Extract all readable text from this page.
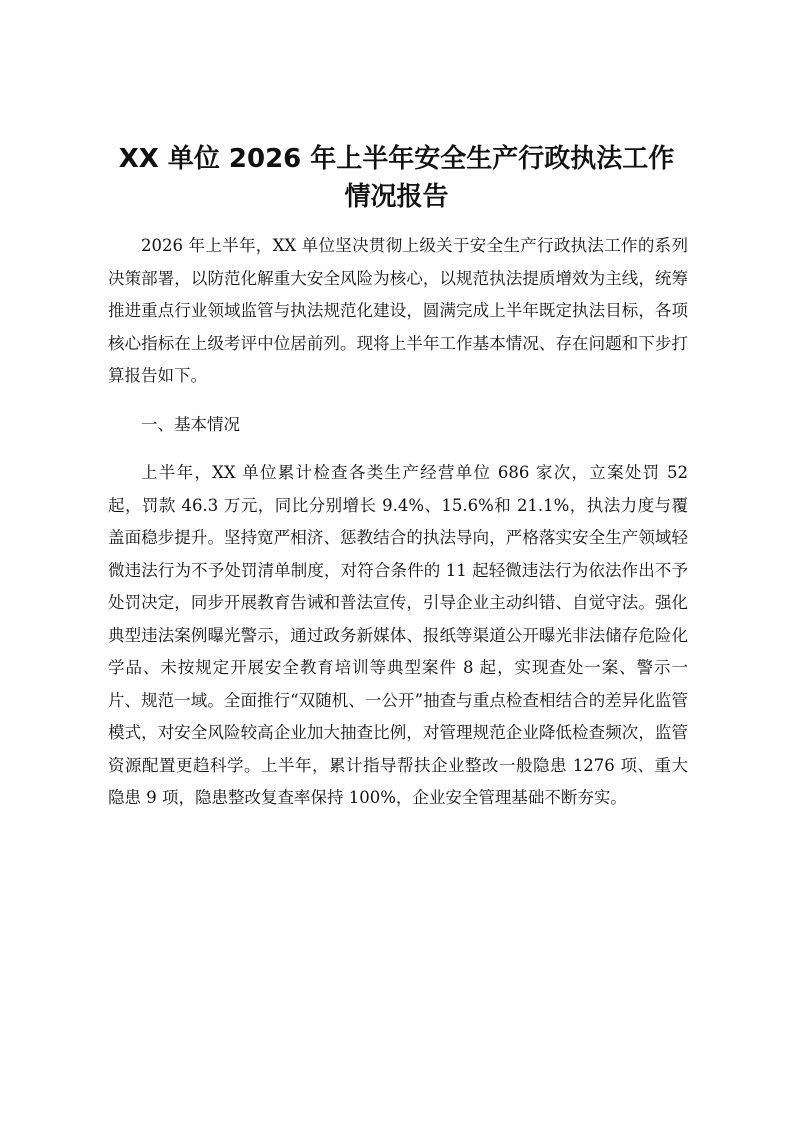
XX 单位 2026 年上半年安全生产行政执法工作
情况报告

2026 年上半年，XX 单位坚决贯彻上级关于安全生产行政执法工作的系列决策部署，以防范化解重大安全风险为核心，以规范执法提质增效为主线，统筹推进重点行业领域监管与执法规范化建设，圆满完成上半年既定执法目标，各项核心指标在上级考评中位居前列。现将上半年工作基本情况、存在问题和下步打算报告如下。

一、基本情况

上半年，XX 单位累计检查各类生产经营单位 686 家次，立案处罚 52 起，罚款 46.3 万元，同比分别增长 9.4%、15.6%和 21.1%，执法力度与覆盖面稳步提升。坚持宽严相济、惩教结合的执法导向，严格落实安全生产领域轻微违法行为不予处罚清单制度，对符合条件的 11 起轻微违法行为依法作出不予处罚决定，同步开展教育告诫和普法宣传，引导企业主动纠错、自觉守法。强化典型违法案例曝光警示，通过政务新媒体、报纸等渠道公开曝光非法储存危险化学品、未按规定开展安全教育培训等典型案件 8 起，实现查处一案、警示一片、规范一域。全面推行“双随机、一公开”抽查与重点检查相结合的差异化监管模式，对安全风险较高企业加大抽查比例，对管理规范企业降低检查频次，监管资源配置更趋科学。上半年，累计指导帮扶企业整改一般隐患 1276 项、重大隐患 9 项，隐患整改复查率保持 100%，企业安全管理基础不断夯实。
